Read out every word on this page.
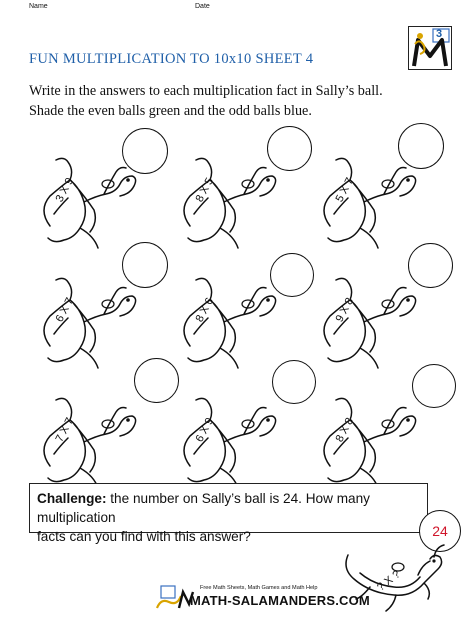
Name	Date
3
FUN MULTIPLICATION TO 10x10 SHEET 4
Write in the answers to each multiplication fact in Sally’s ball.
Shade the even balls green and the odd balls blue.
3 X 9	8 X 5	5 X 7
6 X 7	8 X 6	9 X 8
7 X 7	6 X 9	8 X 8
Challenge: the number on Sally’s ball is 24. How many multiplication
facts can you find with this answer?	24
? X ?
Free Math Sheets, Math Games and Math Help
MATH-SALAMANDERS.COM
